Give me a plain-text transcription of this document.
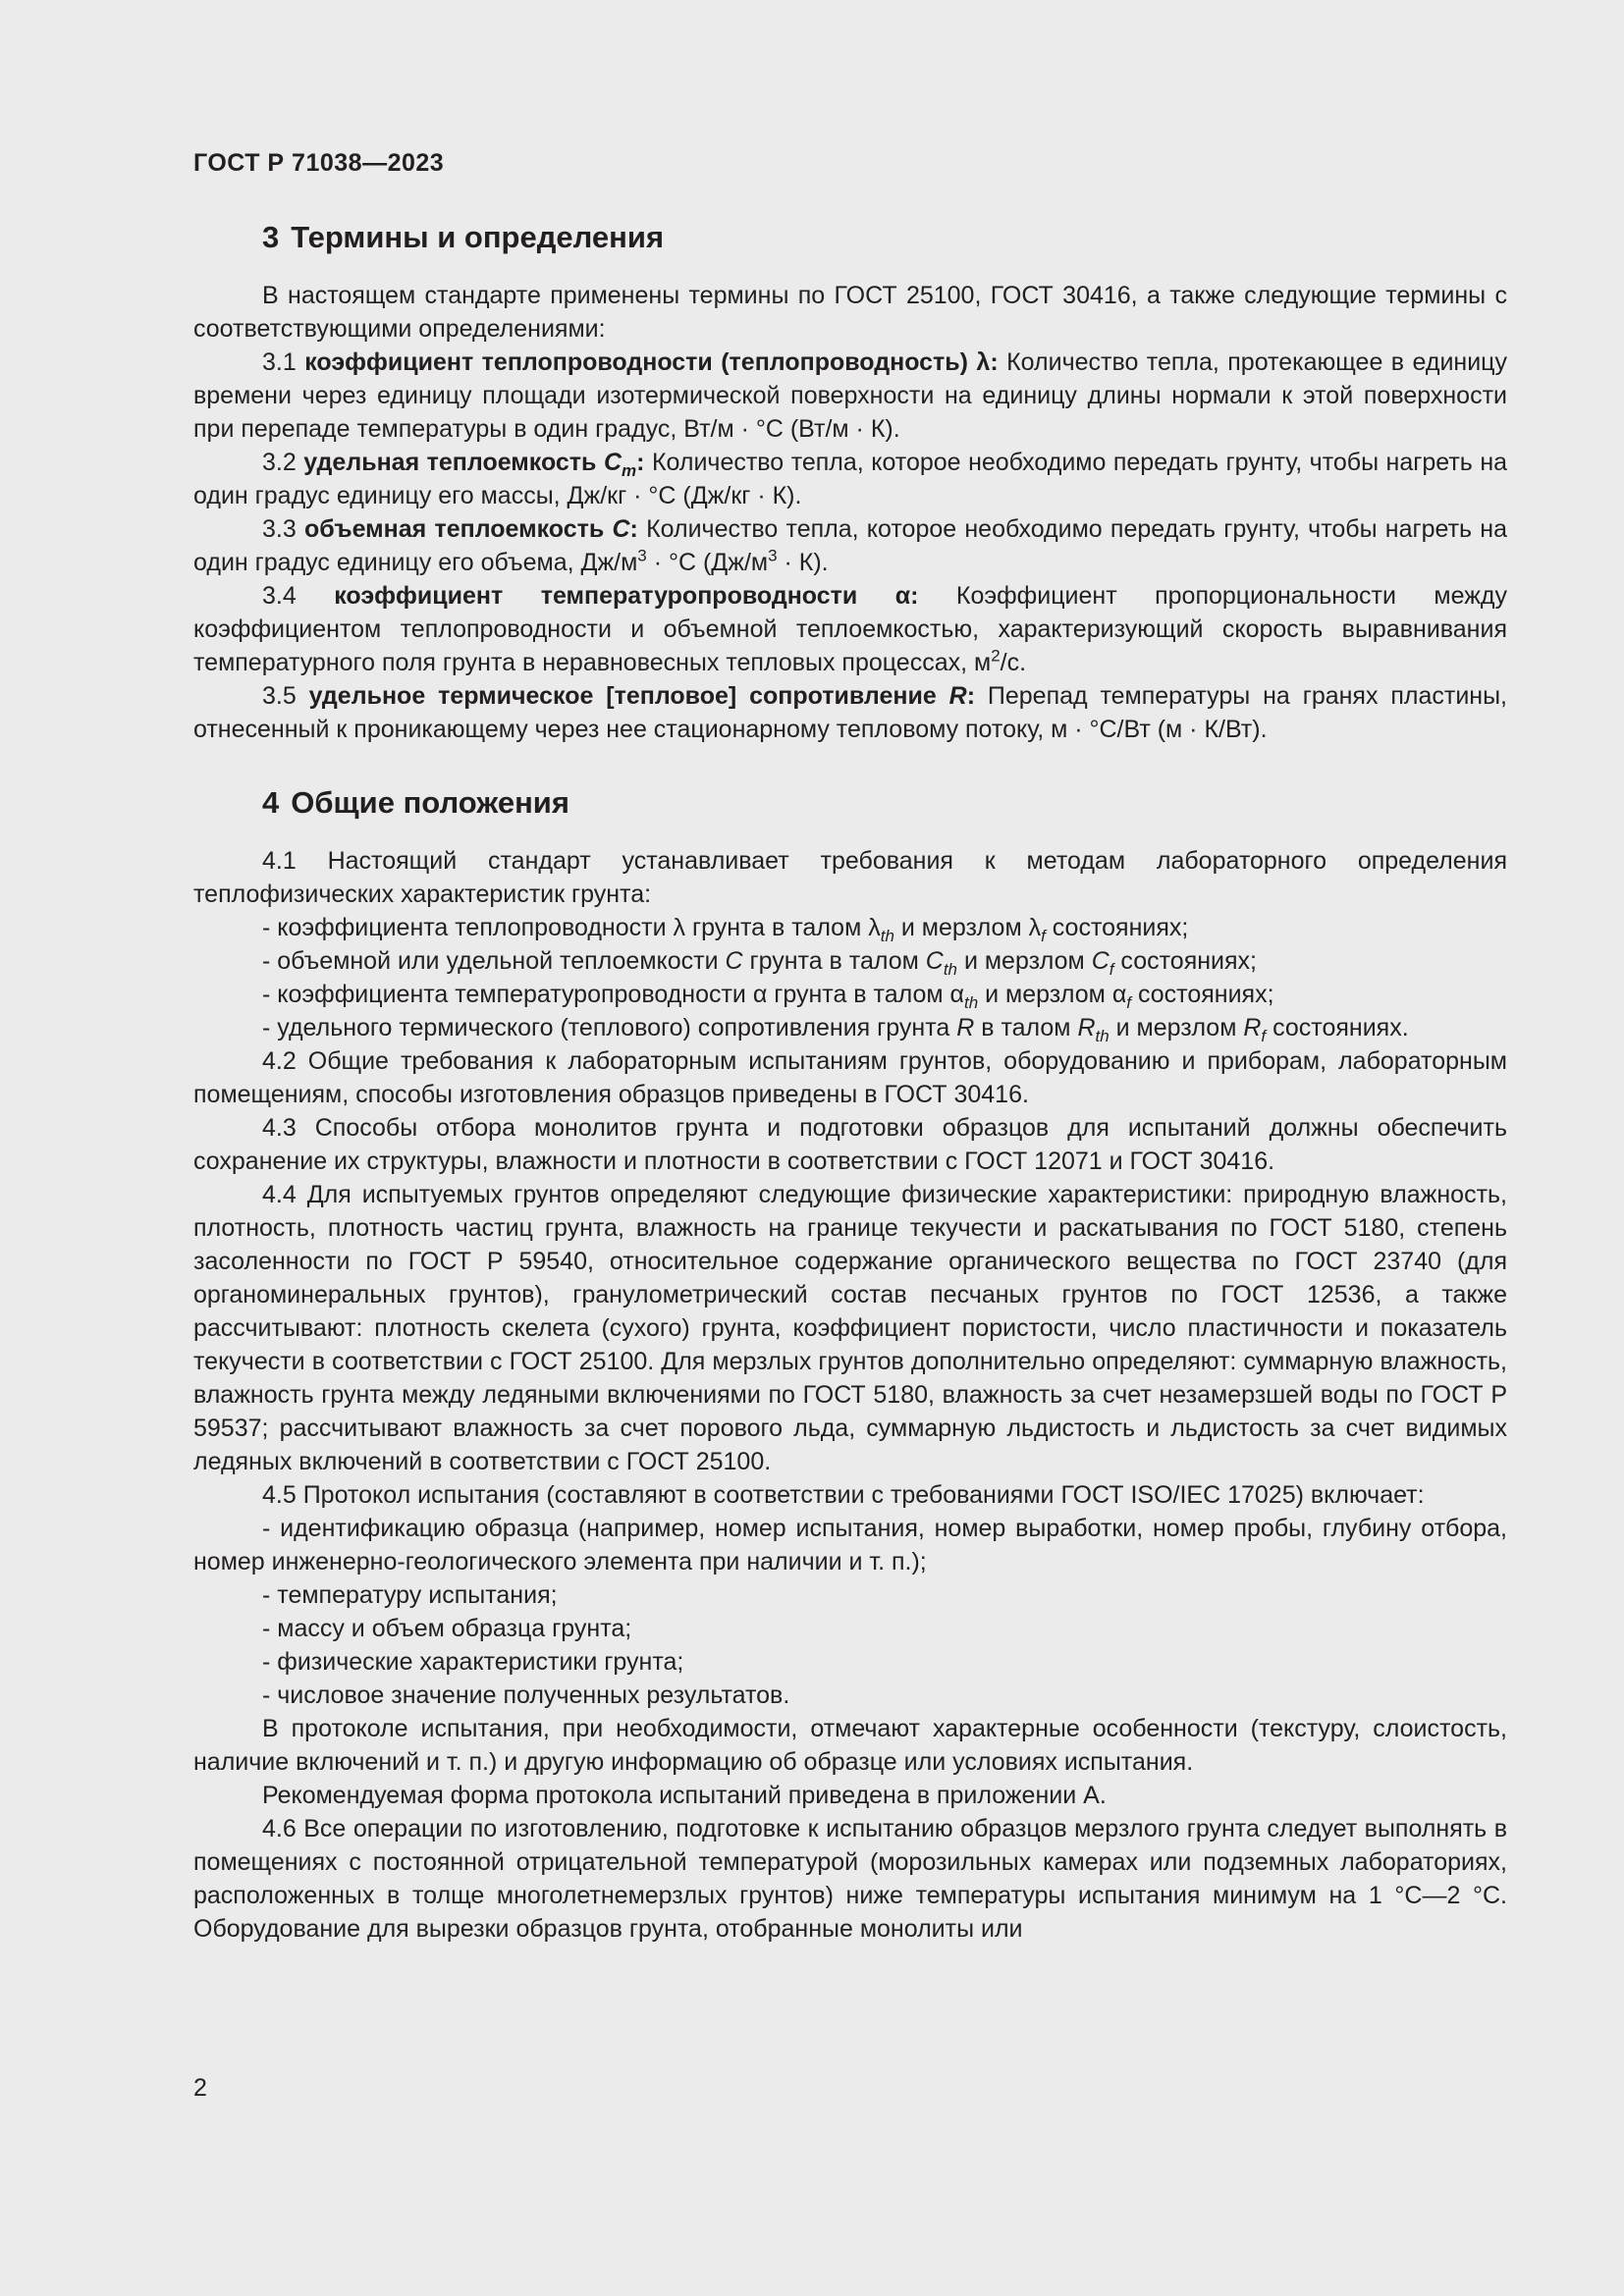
ГОСТ Р 71038—2023
3 Термины и определения

В настоящем стандарте применены термины по ГОСТ 25100, ГОСТ 30416, а также следующие термины с соответствующими определениями:

3.1 коэффициент теплопроводности (теплопроводность) λ: Количество тепла, протекающее в единицу времени через единицу площади изотермической поверхности на единицу длины нормали к этой поверхности при перепаде температуры в один градус, Вт/м · °С (Вт/м · К).

3.2 удельная теплоемкость $C_m$: Количество тепла, которое необходимо передать грунту, чтобы нагреть на один градус единицу его массы, Дж/кг · °С (Дж/кг · К).

3.3 объемная теплоемкость C: Количество тепла, которое необходимо передать грунту, чтобы нагреть на один градус единицу его объема, $Дж/м^3 \cdot ^\circ С$ $(Дж/м^3 \cdot К)$.

3.4 коэффициент температуропроводности α: Коэффициент пропорциональности между коэффициентом теплопроводности и объемной теплоемкостью, характеризующий скорость выравнивания температурного поля грунта в неравновесных тепловых процессах, $м^2/с$.

3.5 удельное термическое [тепловое] сопротивление R: Перепад температуры на гранях пластины, отнесенный к проникающему через нее стационарному тепловому потоку, м · °С/Вт (м · К/Вт).

4 Общие положения

4.1 Настоящий стандарт устанавливает требования к методам лабораторного определения теплофизических характеристик грунта:

- коэффициента теплопроводности λ грунта в талом $\lambda_{th}$ и мерзлом $\lambda_f$ состояниях;

- объемной или удельной теплоемкости C грунта в талом $C_{th}$ и мерзлом $C_f$ состояниях;

- коэффициента температуропроводности α грунта в талом $\alpha_{th}$ и мерзлом $\alpha_f$ состояниях;

- удельного термического (теплового) сопротивления грунта R в талом $R_{th}$ и мерзлом $R_f$ состояниях.

4.2 Общие требования к лабораторным испытаниям грунтов, оборудованию и приборам, лабораторным помещениям, способы изготовления образцов приведены в ГОСТ 30416.

4.3 Способы отбора монолитов грунта и подготовки образцов для испытаний должны обеспечить сохранение их структуры, влажности и плотности в соответствии с ГОСТ 12071 и ГОСТ 30416.

4.4 Для испытуемых грунтов определяют следующие физические характеристики: природную влажность, плотность, плотность частиц грунта, влажность на границе текучести и раскатывания по ГОСТ 5180, степень засоленности по ГОСТ Р 59540, относительное содержание органического вещества по ГОСТ 23740 (для органоминеральных грунтов), гранулометрический состав песчаных грунтов по ГОСТ 12536, а также рассчитывают: плотность скелета (сухого) грунта, коэффициент пористости, число пластичности и показатель текучести в соответствии с ГОСТ 25100. Для мерзлых грунтов дополнительно определяют: суммарную влажность, влажность грунта между ледяными включениями по ГОСТ 5180, влажность за счет незамерзшей воды по ГОСТ Р 59537; рассчитывают влажность за счет порового льда, суммарную льдистость и льдистость за счет видимых ледяных включений в соответствии с ГОСТ 25100.

4.5 Протокол испытания (составляют в соответствии с требованиями ГОСТ ISO/IEC 17025) включает:

- идентификацию образца (например, номер испытания, номер выработки, номер пробы, глубину отбора, номер инженерно-геологического элемента при наличии и т. п.);

- температуру испытания;

- массу и объем образца грунта;

- физические характеристики грунта;

- числовое значение полученных результатов.

В протоколе испытания, при необходимости, отмечают характерные особенности (текстуру, слоистость, наличие включений и т. п.) и другую информацию об образце или условиях испытания.

Рекомендуемая форма протокола испытаний приведена в приложении А.

4.6 Все операции по изготовлению, подготовке к испытанию образцов мерзлого грунта следует выполнять в помещениях с постоянной отрицательной температурой (морозильных камерах или подземных лабораториях, расположенных в толще многолетнемерзлых грунтов) ниже температуры испытания минимум на 1 °С—2 °С. Оборудование для вырезки образцов грунта, отобранные монолиты или

2
